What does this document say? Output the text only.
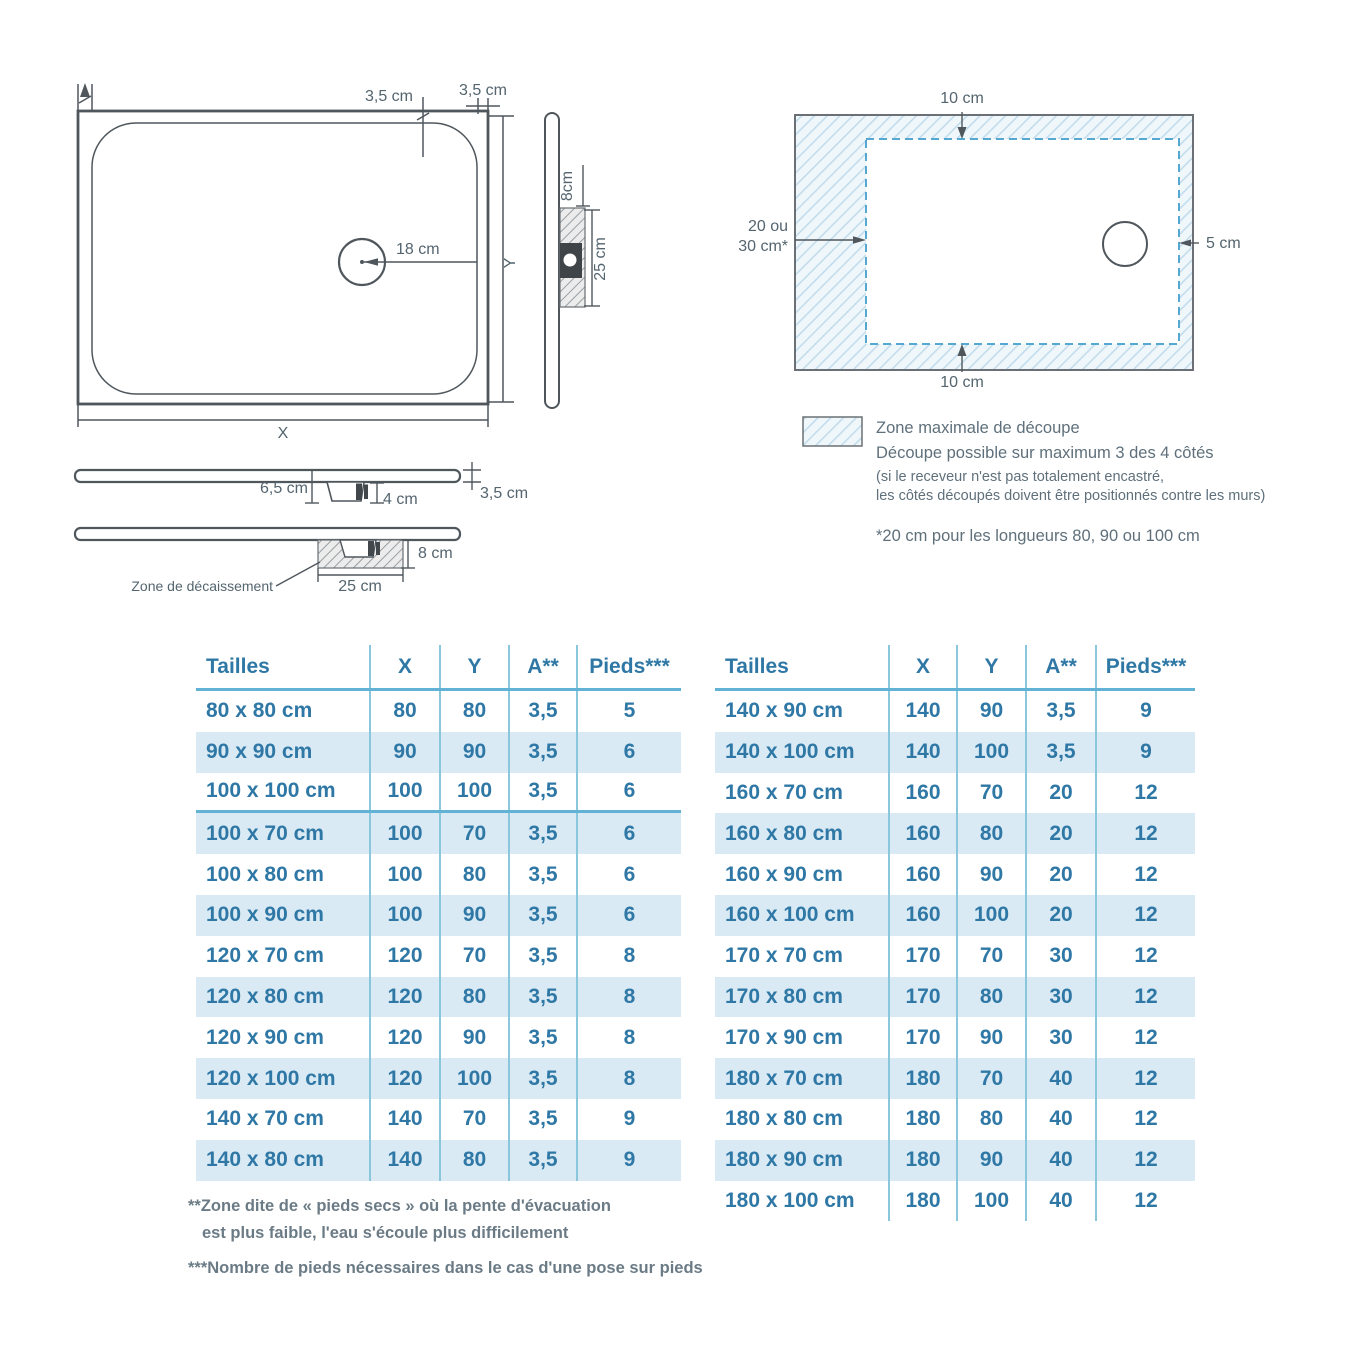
3,5 cm	3,5 cm
18 cm
X
Y
8cm
25 cm
10 cm
20 ou
30 cm*	5 cm
10 cm
Zone maximale de découpe
Découpe possible sur maximum 3 des 4 côtés
(si le receveur n'est pas totalement encastré,
les côtés découpés doivent être positionnés contre les murs)
*20 cm pour les longueurs 80, 90 ou 100 cm
6,5 cm
4 cm	3,5 cm
8 cm
25 cm
Zone de décaissement
Tailles	X	Y	A**	Pieds***
80 x 80 cm	80	80	3,5	5
90 x 90 cm	90	90	3,5	6
100 x 100 cm	100	100	3,5	6
100 x 70 cm	100	70	3,5	6
100 x 80 cm	100	80	3,5	6
100 x 90 cm	100	90	3,5	6
120 x 70 cm	120	70	3,5	8
120 x 80 cm	120	80	3,5	8
120 x 90 cm	120	90	3,5	8
120 x 100 cm	120	100	3,5	8
140 x 70 cm	140	70	3,5	9
140 x 80 cm	140	80	3,5	9
Tailles	X	Y	A**	Pieds***
140 x 90 cm	140	90	3,5	9
140 x 100 cm	140	100	3,5	9
160 x 70 cm	160	70	20	12
160 x 80 cm	160	80	20	12
160 x 90 cm	160	90	20	12
160 x 100 cm	160	100	20	12
170 x 70 cm	170	70	30	12
170 x 80 cm	170	80	30	12
170 x 90 cm	170	90	30	12
180 x 70 cm	180	70	40	12
180 x 80 cm	180	80	40	12
180 x 90 cm	180	90	40	12
180 x 100 cm	180	100	40	12
**Zone dite de « pieds secs » où la pente d'évacuation
est plus faible, l'eau s'écoule plus difficilement
***Nombre de pieds nécessaires dans le cas d'une pose sur pieds
